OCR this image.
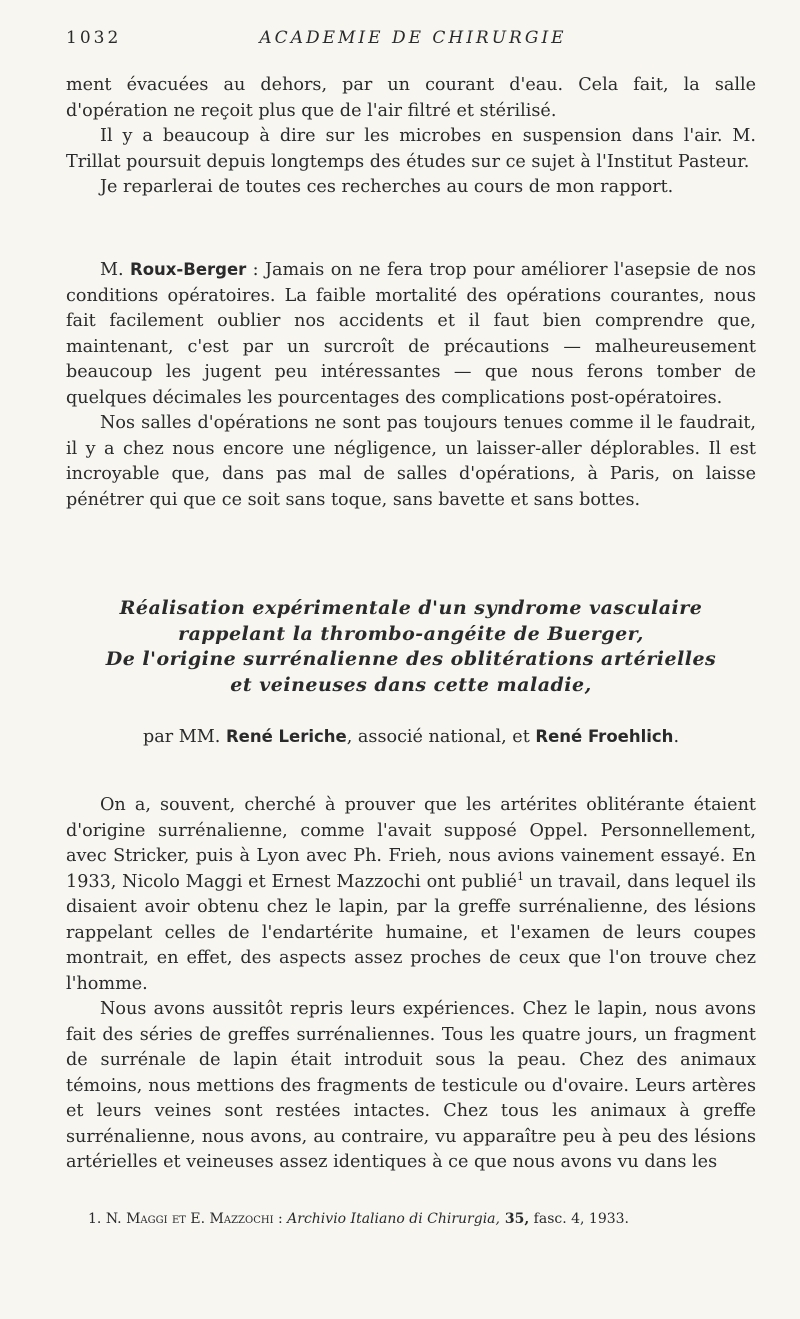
1032	ACADEMIE DE CHIRURGIE

ment évacuées au dehors, par un courant d'eau. Cela fait, la salle d'opération ne reçoit plus que de l'air filtré et stérilisé.

Il y a beaucoup à dire sur les microbes en suspension dans l'air. M. Trillat poursuit depuis longtemps des études sur ce sujet à l'Institut Pasteur.

Je reparlerai de toutes ces recherches au cours de mon rapport.

M. Roux-Berger : Jamais on ne fera trop pour améliorer l'asepsie de nos conditions opératoires. La faible mortalité des opérations courantes, nous fait facilement oublier nos accidents et il faut bien comprendre que, maintenant, c'est par un surcroît de précautions — malheureusement beaucoup les jugent peu intéressantes — que nous ferons tomber de quelques décimales les pourcentages des complications post-opératoires.

Nos salles d'opérations ne sont pas toujours tenues comme il le faudrait, il y a chez nous encore une négligence, un laisser-aller déplorables. Il est incroyable que, dans pas mal de salles d'opérations, à Paris, on laisse pénétrer qui que ce soit sans toque, sans bavette et sans bottes.

Réalisation expérimentale d'un syndrome vasculaire
rappelant la thrombo-angéite de Buerger,
De l'origine surrénalienne des oblitérations artérielles
et veineuses dans cette maladie,
par MM. René Leriche, associé national, et René Froehlich.

On a, souvent, cherché à prouver que les artérites oblitérante étaient d'origine surrénalienne, comme l'avait supposé Oppel. Personnellement, avec Stricker, puis à Lyon avec Ph. Frieh, nous avions vainement essayé. En 1933, Nicolo Maggi et Ernest Mazzochi ont publié$^1$ un travail, dans lequel ils disaient avoir obtenu chez le lapin, par la greffe surrénalienne, des lésions rappelant celles de l'endartérite humaine, et l'examen de leurs coupes montrait, en effet, des aspects assez proches de ceux que l'on trouve chez l'homme.

Nous avons aussitôt repris leurs expériences. Chez le lapin, nous avons fait des séries de greffes surrénaliennes. Tous les quatre jours, un fragment de surrénale de lapin était introduit sous la peau. Chez des animaux témoins, nous mettions des fragments de testicule ou d'ovaire. Leurs artères et leurs veines sont restées intactes. Chez tous les animaux à greffe surrénalienne, nous avons, au contraire, vu apparaître peu à peu des lésions artérielles et veineuses assez identiques à ce que nous avons vu dans les

1. N. Maggi et E. Mazzochi : Archivio Italiano di Chirurgia, 35, fasc. 4, 1933.
